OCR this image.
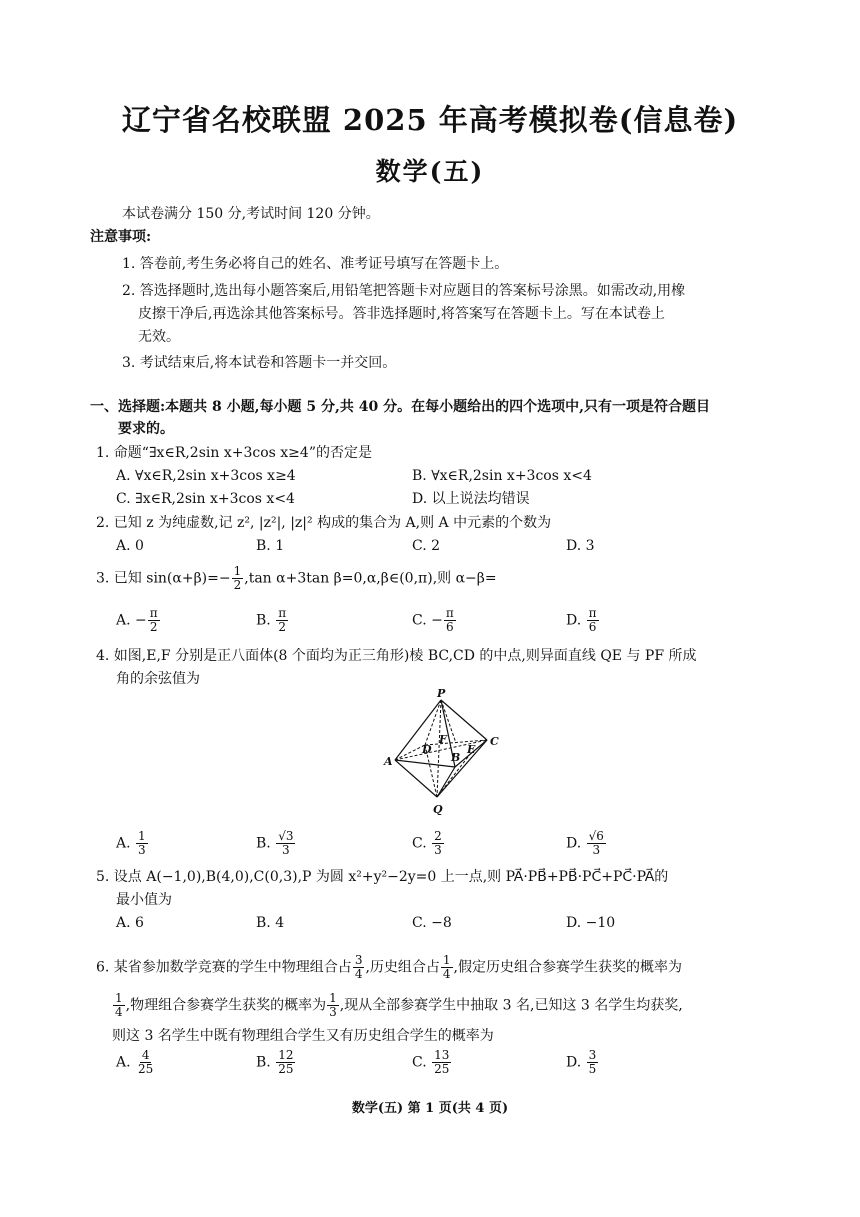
辽宁省名校联盟 2025 年高考模拟卷(信息卷)
数学(五)
本试卷满分 150 分,考试时间 120 分钟。
注意事项:
1. 答卷前,考生务必将自己的姓名、准考证号填写在答题卡上。
2. 答选择题时,选出每小题答案后,用铅笔把答题卡对应题目的答案标号涂黑。如需改动,用橡
皮擦干净后,再选涂其他答案标号。答非选择题时,将答案写在答题卡上。写在本试卷上
无效。
3. 考试结束后,将本试卷和答题卡一并交回。
一、选择题:本题共 8 小题,每小题 5 分,共 40 分。在每小题给出的四个选项中,只有一项是符合题目
要求的。
1. 命题“∃x∈R,2sin x+3cos x≥4”的否定是
A. ∀x∈R,2sin x+3cos x≥4	B. ∀x∈R,2sin x+3cos x<4
C. ∃x∈R,2sin x+3cos x<4	D. 以上说法均错误
2. 已知 z 为纯虚数,记 z², |z²|, |z|² 构成的集合为 A,则 A 中元素的个数为
A. 0	B. 1	C. 2	D. 3
3. 已知 $\sin(\alpha+\beta)=- \frac{1}{2} ,\tan$ α+3tan β=0,α,β∈(0,π),则 α−β=
A. − $\frac{\pi}{2}$	B. $\frac{\pi}{2}$	C. − $\frac{\pi}{6}$	D. $\frac{\pi}{6}$
4. 如图,E,F 分别是正八面体(8 个面均为正三角形)棱 BC,CD 的中点,则异面直线 QE 与 PF 所成
角的余弦值为
P
Q
A	B
C
D	E
F
A. $\frac{1}{3}$	B. $\frac{√3}{3}$	C. $\frac{2}{3}$	D. $\frac{√6}{3}$
5. 设点 A(−1,0),B(4,0),C(0,3),P 为圆 x²+y²−2y=0 上一点,则 PA⃗·PB⃗+PB⃗·PC⃗+PC⃗·PA⃗的
最小值为
A. 6	B. 4	C. −8	D. −10
6. 某省参加数学竞赛的学生中物理组合占 $\frac{3}{4}$ ,历史组合占 $\frac{1}{4}$ ,假定历史组合参赛学生获奖的概率为
$\frac{1}{4}$ ,物理组合参赛学生获奖的概率为 $\frac{1}{3}$ ,现从全部参赛学生中抽取 3 名,已知这 3 名学生均获奖,
则这 3 名学生中既有物理组合学生又有历史组合学生的概率为
A. $\frac{4}{25}$	B. $\frac{12}{25}$	C. $\frac{13}{25}$	D. $\frac{3}{5}$
数学(五) 第 1 页(共 4 页)
